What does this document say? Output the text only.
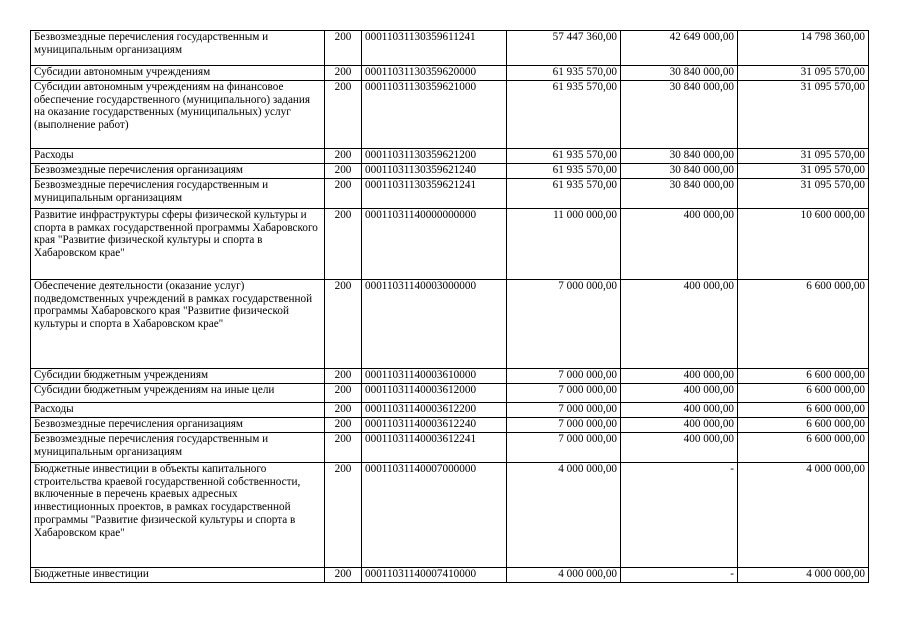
Безвозмездные перечисления государственным и муниципальным организациям	200	00011031130359611241	57 447 360,00	42 649 000,00	14 798 360,00
Субсидии автономным учреждениям	200	00011031130359620000	61 935 570,00	30 840 000,00	31 095 570,00
Субсидии автономным учреждениям на финансовое обеспечение государственного (муниципального) задания на оказание государственных (муниципальных) услуг (выполнение работ)	200	00011031130359621000	61 935 570,00	30 840 000,00	31 095 570,00
Расходы	200	00011031130359621200	61 935 570,00	30 840 000,00	31 095 570,00
Безвозмездные перечисления организациям	200	00011031130359621240	61 935 570,00	30 840 000,00	31 095 570,00
Безвозмездные перечисления государственным и муниципальным организациям	200	00011031130359621241	61 935 570,00	30 840 000,00	31 095 570,00
Развитие инфраструктуры сферы физической культуры и спорта в рамках государственной программы Хабаровского края "Развитие физической культуры и спорта в Хабаровском крае"	200	00011031140000000000	11 000 000,00	400 000,00	10 600 000,00
Обеспечение деятельности (оказание услуг) подведомственных учреждений в рамках государственной программы Хабаровского края "Развитие физической культуры и спорта в Хабаровском крае"	200	00011031140003000000	7 000 000,00	400 000,00	6 600 000,00
Субсидии бюджетным учреждениям	200	00011031140003610000	7 000 000,00	400 000,00	6 600 000,00
Субсидии бюджетным учреждениям на иные цели	200	00011031140003612000	7 000 000,00	400 000,00	6 600 000,00
Расходы	200	00011031140003612200	7 000 000,00	400 000,00	6 600 000,00
Безвозмездные перечисления организациям	200	00011031140003612240	7 000 000,00	400 000,00	6 600 000,00
Безвозмездные перечисления государственным и муниципальным организациям	200	00011031140003612241	7 000 000,00	400 000,00	6 600 000,00
Бюджетные инвестиции в объекты капитального строительства краевой государственной собственности, включенные в перечень краевых адресных инвестиционных проектов, в рамках государственной программы "Развитие физической культуры и спорта в Хабаровском крае"	200	00011031140007000000	4 000 000,00	-	4 000 000,00
Бюджетные инвестиции	200	00011031140007410000	4 000 000,00	-	4 000 000,00
